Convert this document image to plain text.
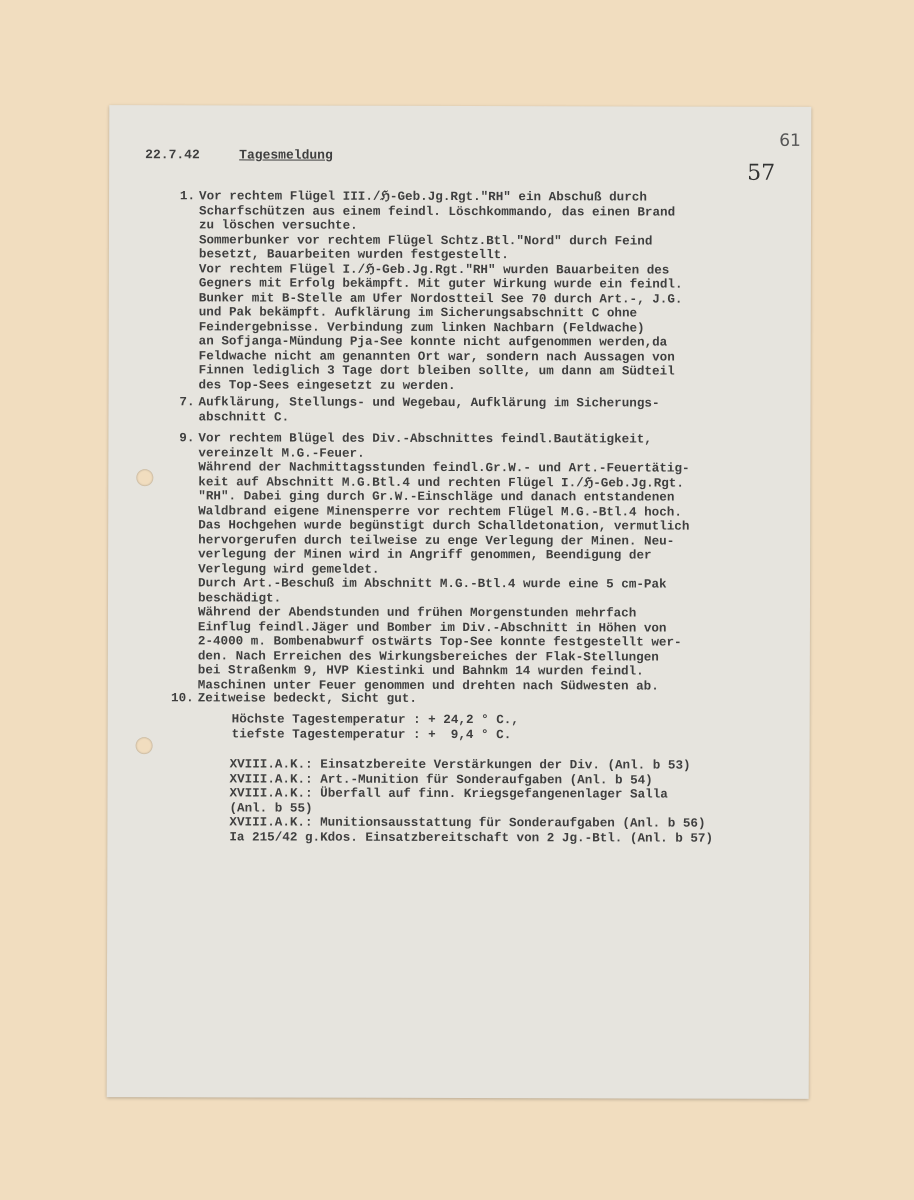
61
57
22.7.42	Tagesmeldung
1. Vor rechtem Flügel III./ℌ-Geb.Jg.Rgt."RH" ein Abschuß durch
Scharfschützen aus einem feindl. Löschkommando, das einen Brand
zu löschen versuchte.
Sommerbunker vor rechtem Flügel Schtz.Btl."Nord" durch Feind
besetzt, Bauarbeiten wurden festgestellt.
Vor rechtem Flügel I./ℌ-Geb.Jg.Rgt."RH" wurden Bauarbeiten des
Gegners mit Erfolg bekämpft. Mit guter Wirkung wurde ein feindl.
Bunker mit B-Stelle am Ufer Nordostteil See 70 durch Art.-, J.G.
und Pak bekämpft. Aufklärung im Sicherungsabschnitt C ohne
Feindergebnisse. Verbindung zum linken Nachbarn (Feldwache)
an Sofjanga-Mündung Pja-See konnte nicht aufgenommen werden,da
Feldwache nicht am genannten Ort war, sondern nach Aussagen von
Finnen lediglich 3 Tage dort bleiben sollte, um dann am Südteil
des Top-Sees eingesetzt zu werden.
7. Aufklärung, Stellungs- und Wegebau, Aufklärung im Sicherungs-
abschnitt C.
9. Vor rechtem Blügel des Div.-Abschnittes feindl.Bautätigkeit,
vereinzelt M.G.-Feuer.
Während der Nachmittagsstunden feindl.Gr.W.- und Art.-Feuertätig-
keit auf Abschnitt M.G.Btl.4 und rechten Flügel I./ℌ-Geb.Jg.Rgt.
"RH". Dabei ging durch Gr.W.-Einschläge und danach entstandenen
Waldbrand eigene Minensperre vor rechtem Flügel M.G.-Btl.4 hoch.
Das Hochgehen wurde begünstigt durch Schalldetonation, vermutlich
hervorgerufen durch teilweise zu enge Verlegung der Minen. Neu-
verlegung der Minen wird in Angriff genommen, Beendigung der
Verlegung wird gemeldet.
Durch Art.-Beschuß im Abschnitt M.G.-Btl.4 wurde eine 5 cm-Pak
beschädigt.
Während der Abendstunden und frühen Morgenstunden mehrfach
Einflug feindl.Jäger und Bomber im Div.-Abschnitt in Höhen von
2-4000 m. Bombenabwurf ostwärts Top-See konnte festgestellt wer-
den. Nach Erreichen des Wirkungsbereiches der Flak-Stellungen
bei Straßenkm 9, HVP Kiestinki und Bahnkm 14 wurden feindl.
Maschinen unter Feuer genommen und drehten nach Südwesten ab.
10. Zeitweise bedeckt, Sicht gut.
Höchste Tagestemperatur : + 24,2 ° C.,
tiefste Tagestemperatur : +  9,4 ° C.
XVIII.A.K.: Einsatzbereite Verstärkungen der Div. (Anl. b 53)
XVIII.A.K.: Art.-Munition für Sonderaufgaben (Anl. b 54)
XVIII.A.K.: Überfall auf finn. Kriegsgefangenenlager Salla
(Anl. b 55)
XVIII.A.K.: Munitionsausstattung für Sonderaufgaben (Anl. b 56)
Ia 215/42 g.Kdos. Einsatzbereitschaft von 2 Jg.-Btl. (Anl. b 57)
